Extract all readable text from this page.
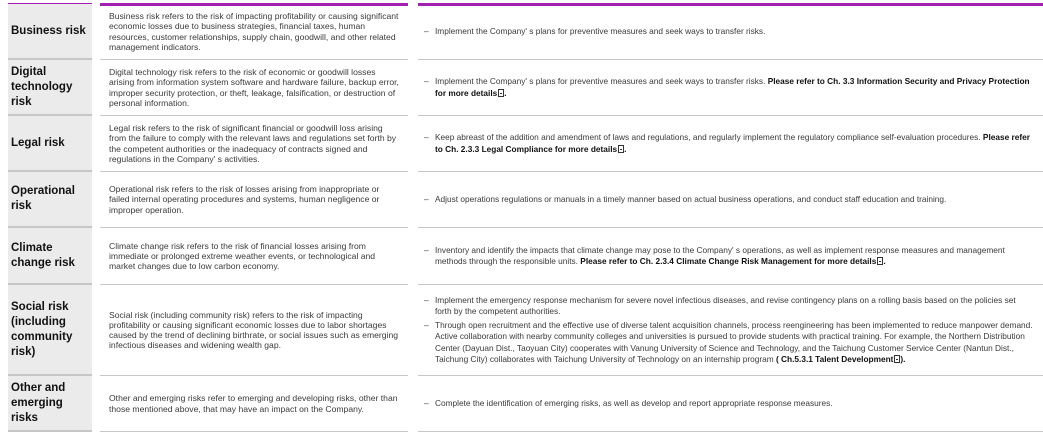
Business risk
Business risk refers to the risk of impacting profitability or causing significant economic losses due to business strategies, financial taxes, human resources, customer relationships, supply chain, goodwill, and other related management indicators.
– Implement the Company' s plans for preventive measures and seek ways to transfer risks.
Digital technology risk
Digital technology risk refers to the risk of economic or goodwill losses arising from information system software and hardware failure, backup error, improper security protection, or theft, leakage, falsification, or destruction of personal information.
– Implement the Company' s plans for preventive measures and seek ways to transfer risks. Please refer to Ch. 3.3 Information Security and Privacy Protection for more details .
Legal risk
Legal risk refers to the risk of significant financial or goodwill loss arising from the failure to comply with the relevant laws and regulations set forth by the competent authorities or the inadequacy of contracts signed and regulations in the Company' s activities.
– Keep abreast of the addition and amendment of laws and regulations, and regularly implement the regulatory compliance self-evaluation procedures. Please refer to Ch. 2.3.3 Legal Compliance for more details .
Operational risk
Operational risk refers to the risk of losses arising from inappropriate or failed internal operating procedures and systems, human negligence or improper operation.
– Adjust operations regulations or manuals in a timely manner based on actual business operations, and conduct staff education and training.
Climate change risk
Climate change risk refers to the risk of financial losses arising from immediate or prolonged extreme weather events, or technological and market changes due to low carbon economy.
– Inventory and identify the impacts that climate change may pose to the Company' s operations, as well as implement response measures and management methods through the responsible units. Please refer to Ch. 2.3.4 Climate Change Risk Management for more details .
Social risk (including community risk)
Social risk (including community risk) refers to the risk of impacting profitability or causing significant economic losses due to labor shortages caused by the trend of declining birthrate, or social issues such as emerging infectious diseases and widening wealth gap.
– Implement the emergency response mechanism for severe novel infectious diseases, and revise contingency plans on a rolling basis based on the policies set forth by the competent authorities.
– Through open recruitment and the effective use of diverse talent acquisition channels, process reengineering has been implemented to reduce manpower demand. Active collaboration with nearby community colleges and universities is pursued to provide students with practical training. For example, the Northern Distribution Center (Dayuan Dist., Taoyuan City) cooperates with Vanung University of Science and Technology, and the Taichung Customer Service Center (Nantun Dist., Taichung City) collaborates with Taichung University of Technology on an internship program ( Ch.5.3.1 Talent Development ).
Other and emerging risks
Other and emerging risks refer to emerging and developing risks, other than those mentioned above, that may have an impact on the Company.
– Complete the identification of emerging risks, as well as develop and report appropriate response measures.
